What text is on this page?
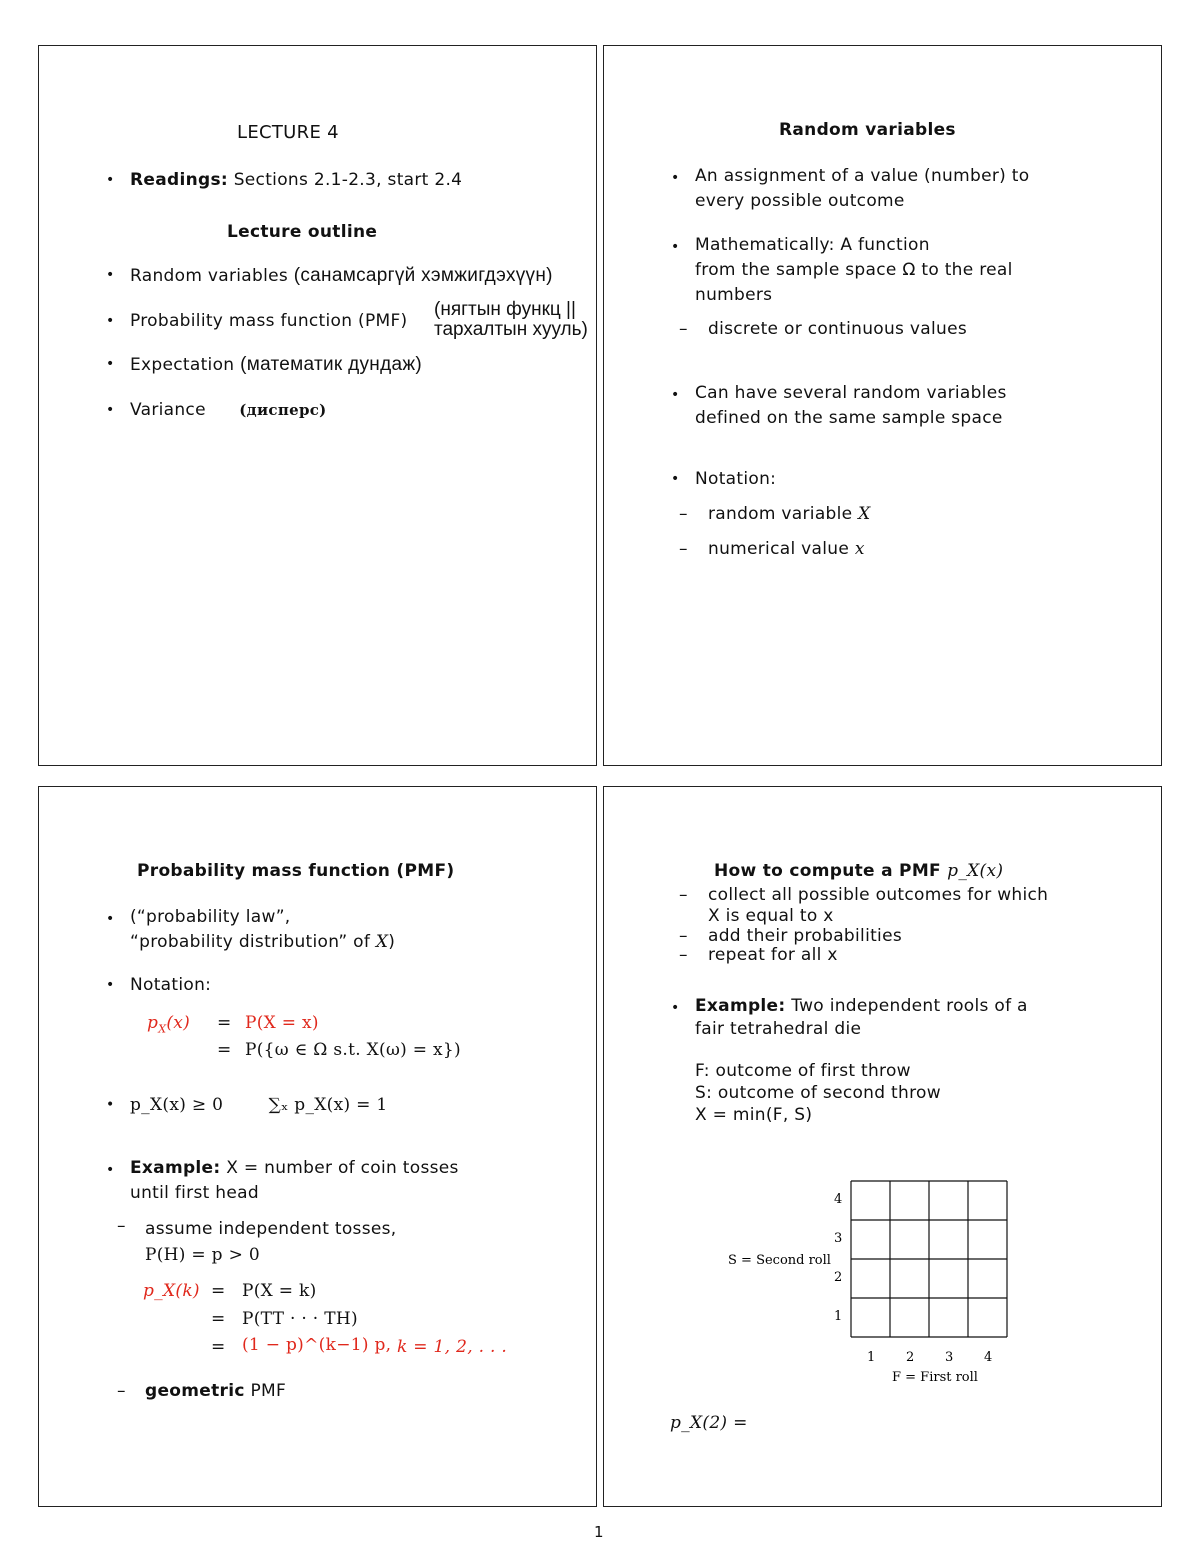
LECTURE 4
• Readings: Sections 2.1-2.3, start 2.4
Lecture outline
• Random variables (санамсаргүй хэмжигдэхүүн)
• Probability mass function (PMF)
(нягтын функц ||
тархалтын хууль)
• Expectation (математик дундаж)
• Variance (дисперс)
Random variables
• An assignment of a value (number) to
every possible outcome
• Mathematically: A function
from the sample space Ω to the real
numbers
– discrete or continuous values
• Can have several random variables
defined on the same sample space
• Notation:
– random variable X
– numerical value x
Probability mass function (PMF)
• (“probability law”,
“probability distribution” of X)
• Notation:
$p_X(x) = P(X = x)$
= P({ω ∈ Ω s.t. X(ω) = x})
• p_X(x) ≥ 0	∑ₓ p_X(x) = 1
• Example: X = number of coin tosses
until first head
– assume independent tosses,
P(H) = p > 0
p_X(k) = P(X = k)
= P(TT · · · TH)
= (1 − p)^(k−1) p, k = 1, 2, . . .
– geometric PMF
How to compute a PMF p_X(x)
– collect all possible outcomes for which
X is equal to x
– add their probabilities
– repeat for all x
• Example: Two independent rools of a
fair tetrahedral die
F: outcome of first throw
S: outcome of second throw
X = min(F, S)
S = Second roll
F = First roll
1 2 3 4
1
2
3
4
p_X(2) =
1
